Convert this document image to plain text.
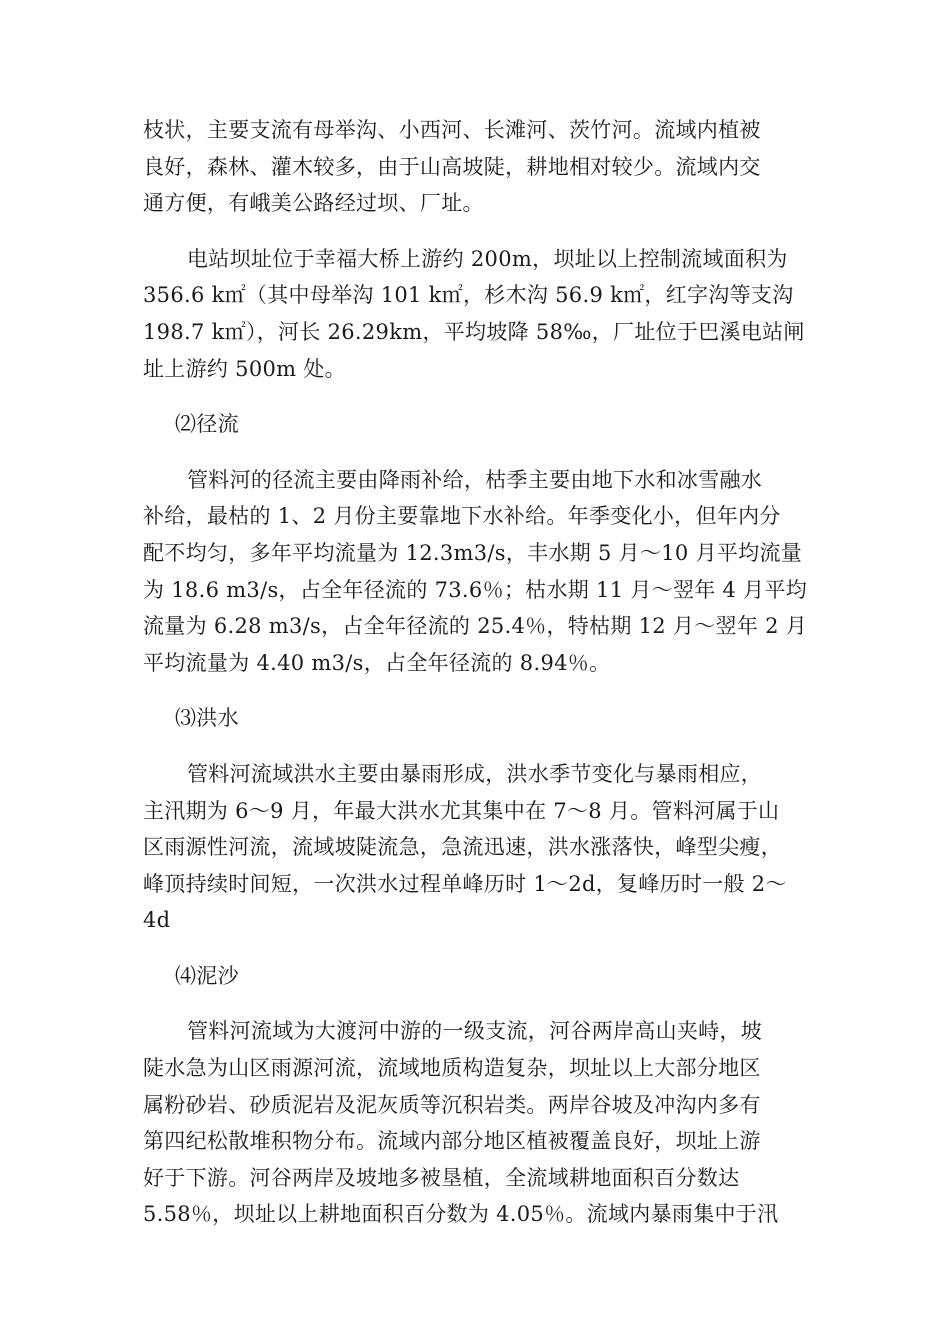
枝状，主要支流有母举沟、小西河、长滩河、茨竹河。流域内植被
良好，森林、灌木较多，由于山高坡陡，耕地相对较少。流域内交
通方便，有峨美公路经过坝、厂址。
电站坝址位于幸福大桥上游约 200m，坝址以上控制流域面积为
356.6 k㎡（其中母举沟 101 k㎡，杉木沟 56.9 k㎡，红字沟等支沟
198.7 k㎡），河长 26.29km，平均坡降 58‰，厂址位于巴溪电站闸
址上游约 500m 处。
⑵径流
管料河的径流主要由降雨补给，枯季主要由地下水和冰雪融水
补给，最枯的 1、2 月份主要靠地下水补给。年季变化小，但年内分
配不均匀，多年平均流量为 12.3m3/s，丰水期 5 月～10 月平均流量
为 18.6 m3/s，占全年径流的 73.6％；枯水期 11 月～翌年 4 月平均
流量为 6.28 m3/s，占全年径流的 25.4％，特枯期 12 月～翌年 2 月
平均流量为 4.40 m3/s，占全年径流的 8.94％。
⑶洪水
管料河流域洪水主要由暴雨形成，洪水季节变化与暴雨相应，
主汛期为 6～9 月，年最大洪水尤其集中在 7～8 月。管料河属于山
区雨源性河流，流域坡陡流急，急流迅速，洪水涨落快，峰型尖瘦，
峰顶持续时间短，一次洪水过程单峰历时 1～2d，复峰历时一般 2～
4d
⑷泥沙
管料河流域为大渡河中游的一级支流，河谷两岸高山夹峙，坡
陡水急为山区雨源河流，流域地质构造复杂，坝址以上大部分地区
属粉砂岩、砂质泥岩及泥灰质等沉积岩类。两岸谷坡及冲沟内多有
第四纪松散堆积物分布。流域内部分地区植被覆盖良好，坝址上游
好于下游。河谷两岸及坡地多被垦植，全流域耕地面积百分数达
5.58％，坝址以上耕地面积百分数为 4.05％。流域内暴雨集中于汛
